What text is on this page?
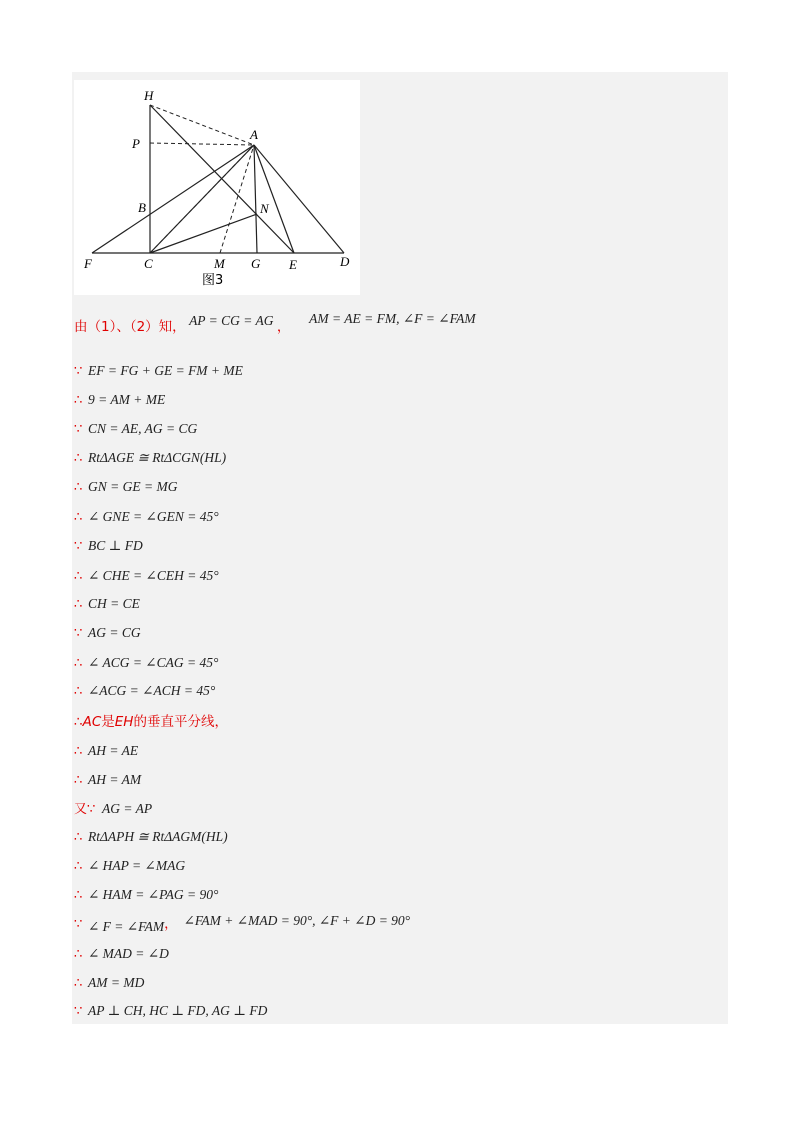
H
P
A
B	N
F	C	M G E	D
图3
由（1）、（2）知， AP = CG = AG ，  AM = AE = FM, ∠F = ∠FAM
∵ EF = FG + GE = FM + ME
∴ 9 = AM + ME
∵ CN = AE, AG = CG
∴ RtΔAGE ≅ RtΔCGN(HL)
∴ GN = GE = MG
∴ ∠ GNE = ∠GEN = 45°
∵ BC ⊥ FD
∴ ∠ CHE = ∠CEH = 45°
∴ CH = CE
∵ AG = CG
∴ ∠ ACG = ∠CAG = 45°
∴ ∠ACG = ∠ACH = 45°
∴AC是EH的垂直平分线，
∴ AH = AE
∴ AH = AM
又∵ AG = AP
∴ RtΔAPH ≅ RtΔAGM(HL)
∴ ∠ HAP = ∠MAG
∴ ∠ HAM = ∠PAG = 90°
∵ ∠ F = ∠FAM， ∠FAM + ∠MAD = 90°, ∠F + ∠D = 90°
∴ ∠ MAD = ∠D
∴ AM = MD
∵ AP ⊥ CH, HC ⊥ FD, AG ⊥ FD
